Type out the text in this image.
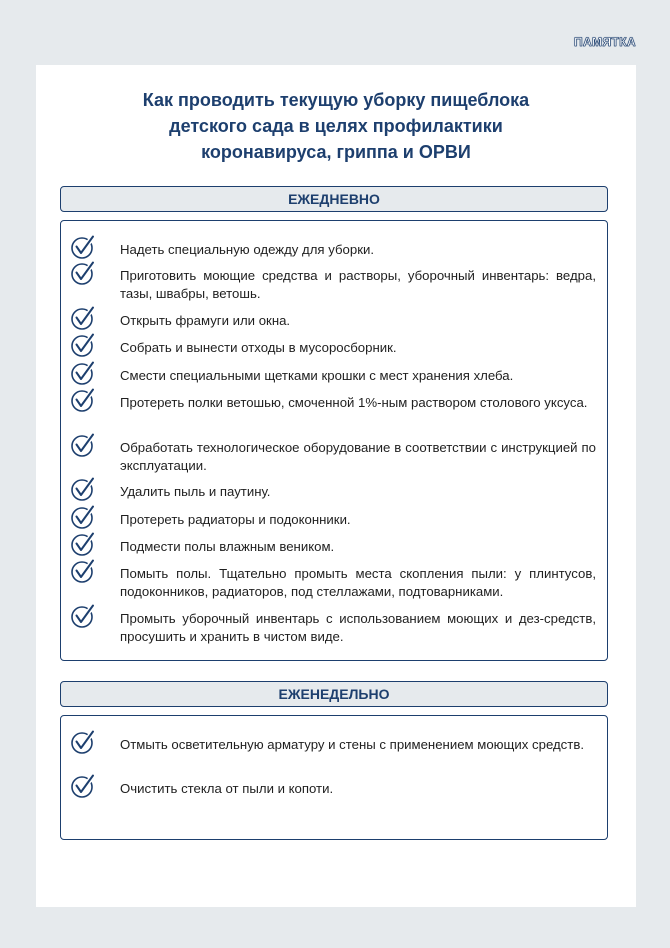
ПАМЯТКА
Как проводить текущую уборку пищеблока
детского сада в целях профилактики
коронавируса, гриппа и ОРВИ
ЕЖЕДНЕВНО
Надеть специальную одежду для уборки.
Приготовить моющие средства и растворы, уборочный инвентарь: ведра, тазы, швабры, ветошь.
Открыть фрамуги или окна.
Собрать и вынести отходы в мусоросборник.
Смести специальными щетками крошки с мест хранения хлеба.
Протереть полки ветошью, смоченной 1%-ным раствором столового уксуса.
Обработать технологическое оборудование в соответствии с инструкцией по эксплуатации.
Удалить пыль и паутину.
Протереть радиаторы и подоконники.
Подмести полы влажным веником.
Помыть полы. Тщательно промыть места скопления пыли: у плинтусов, подоконников, радиаторов, под стеллажами, подтоварниками.
Промыть уборочный инвентарь с использованием моющих и дез-средств, просушить и хранить в чистом виде.
ЕЖЕНЕДЕЛЬНО
Отмыть осветительную арматуру и стены с применением моющих средств.
Очистить стекла от пыли и копоти.
